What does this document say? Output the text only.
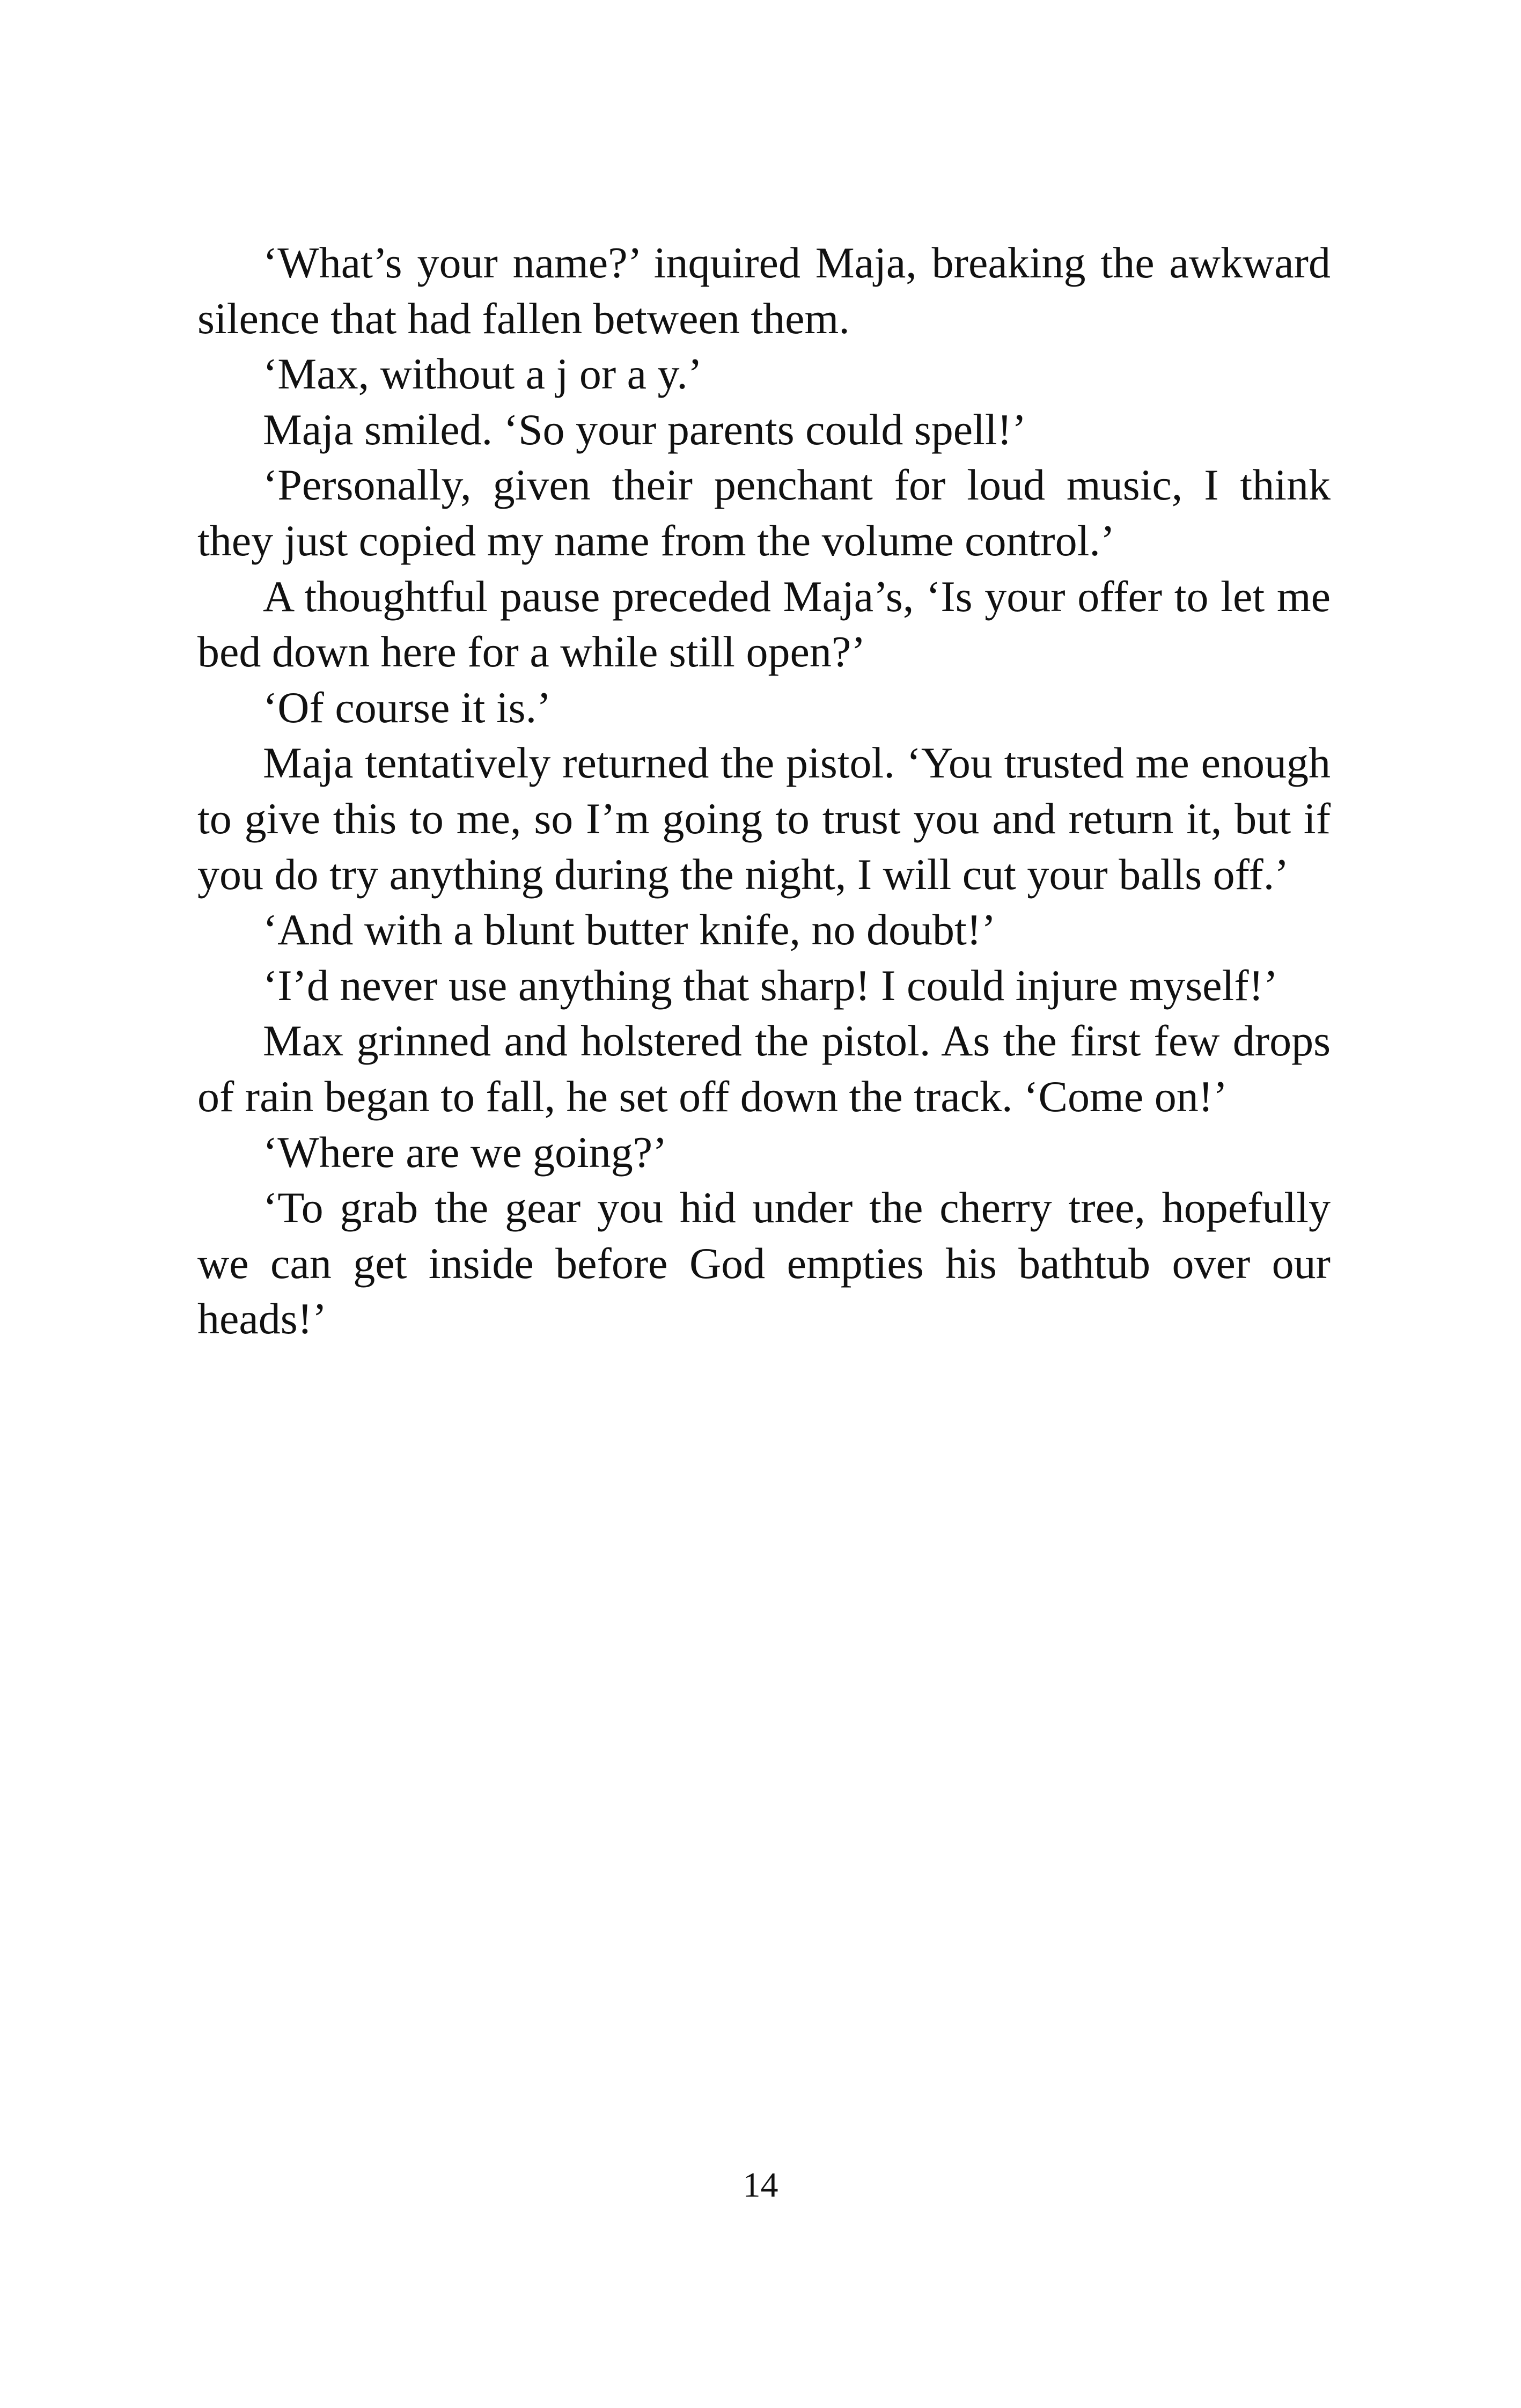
‘What’s your name?’ inquired Maja, breaking the awkward silence that had fallen between them.

‘Max, without a j or a y.’

Maja smiled. ‘So your parents could spell!’

‘Personally, given their penchant for loud music, I think they just copied my name from the volume control.’

A thoughtful pause preceded Maja’s, ‘Is your offer to let me bed down here for a while still open?’

‘Of course it is.’

Maja tentatively returned the pistol. ‘You trusted me enough to give this to me, so I’m going to trust you and return it, but if you do try anything during the night, I will cut your balls off.’

‘And with a blunt butter knife, no doubt!’

‘I’d never use anything that sharp! I could injure myself!’

Max grinned and holstered the pistol. As the first few drops of rain began to fall, he set off down the track. ‘Come on!’

‘Where are we going?’

‘To grab the gear you hid under the cherry tree, hopefully we can get inside before God empties his bathtub over our heads!’

14
